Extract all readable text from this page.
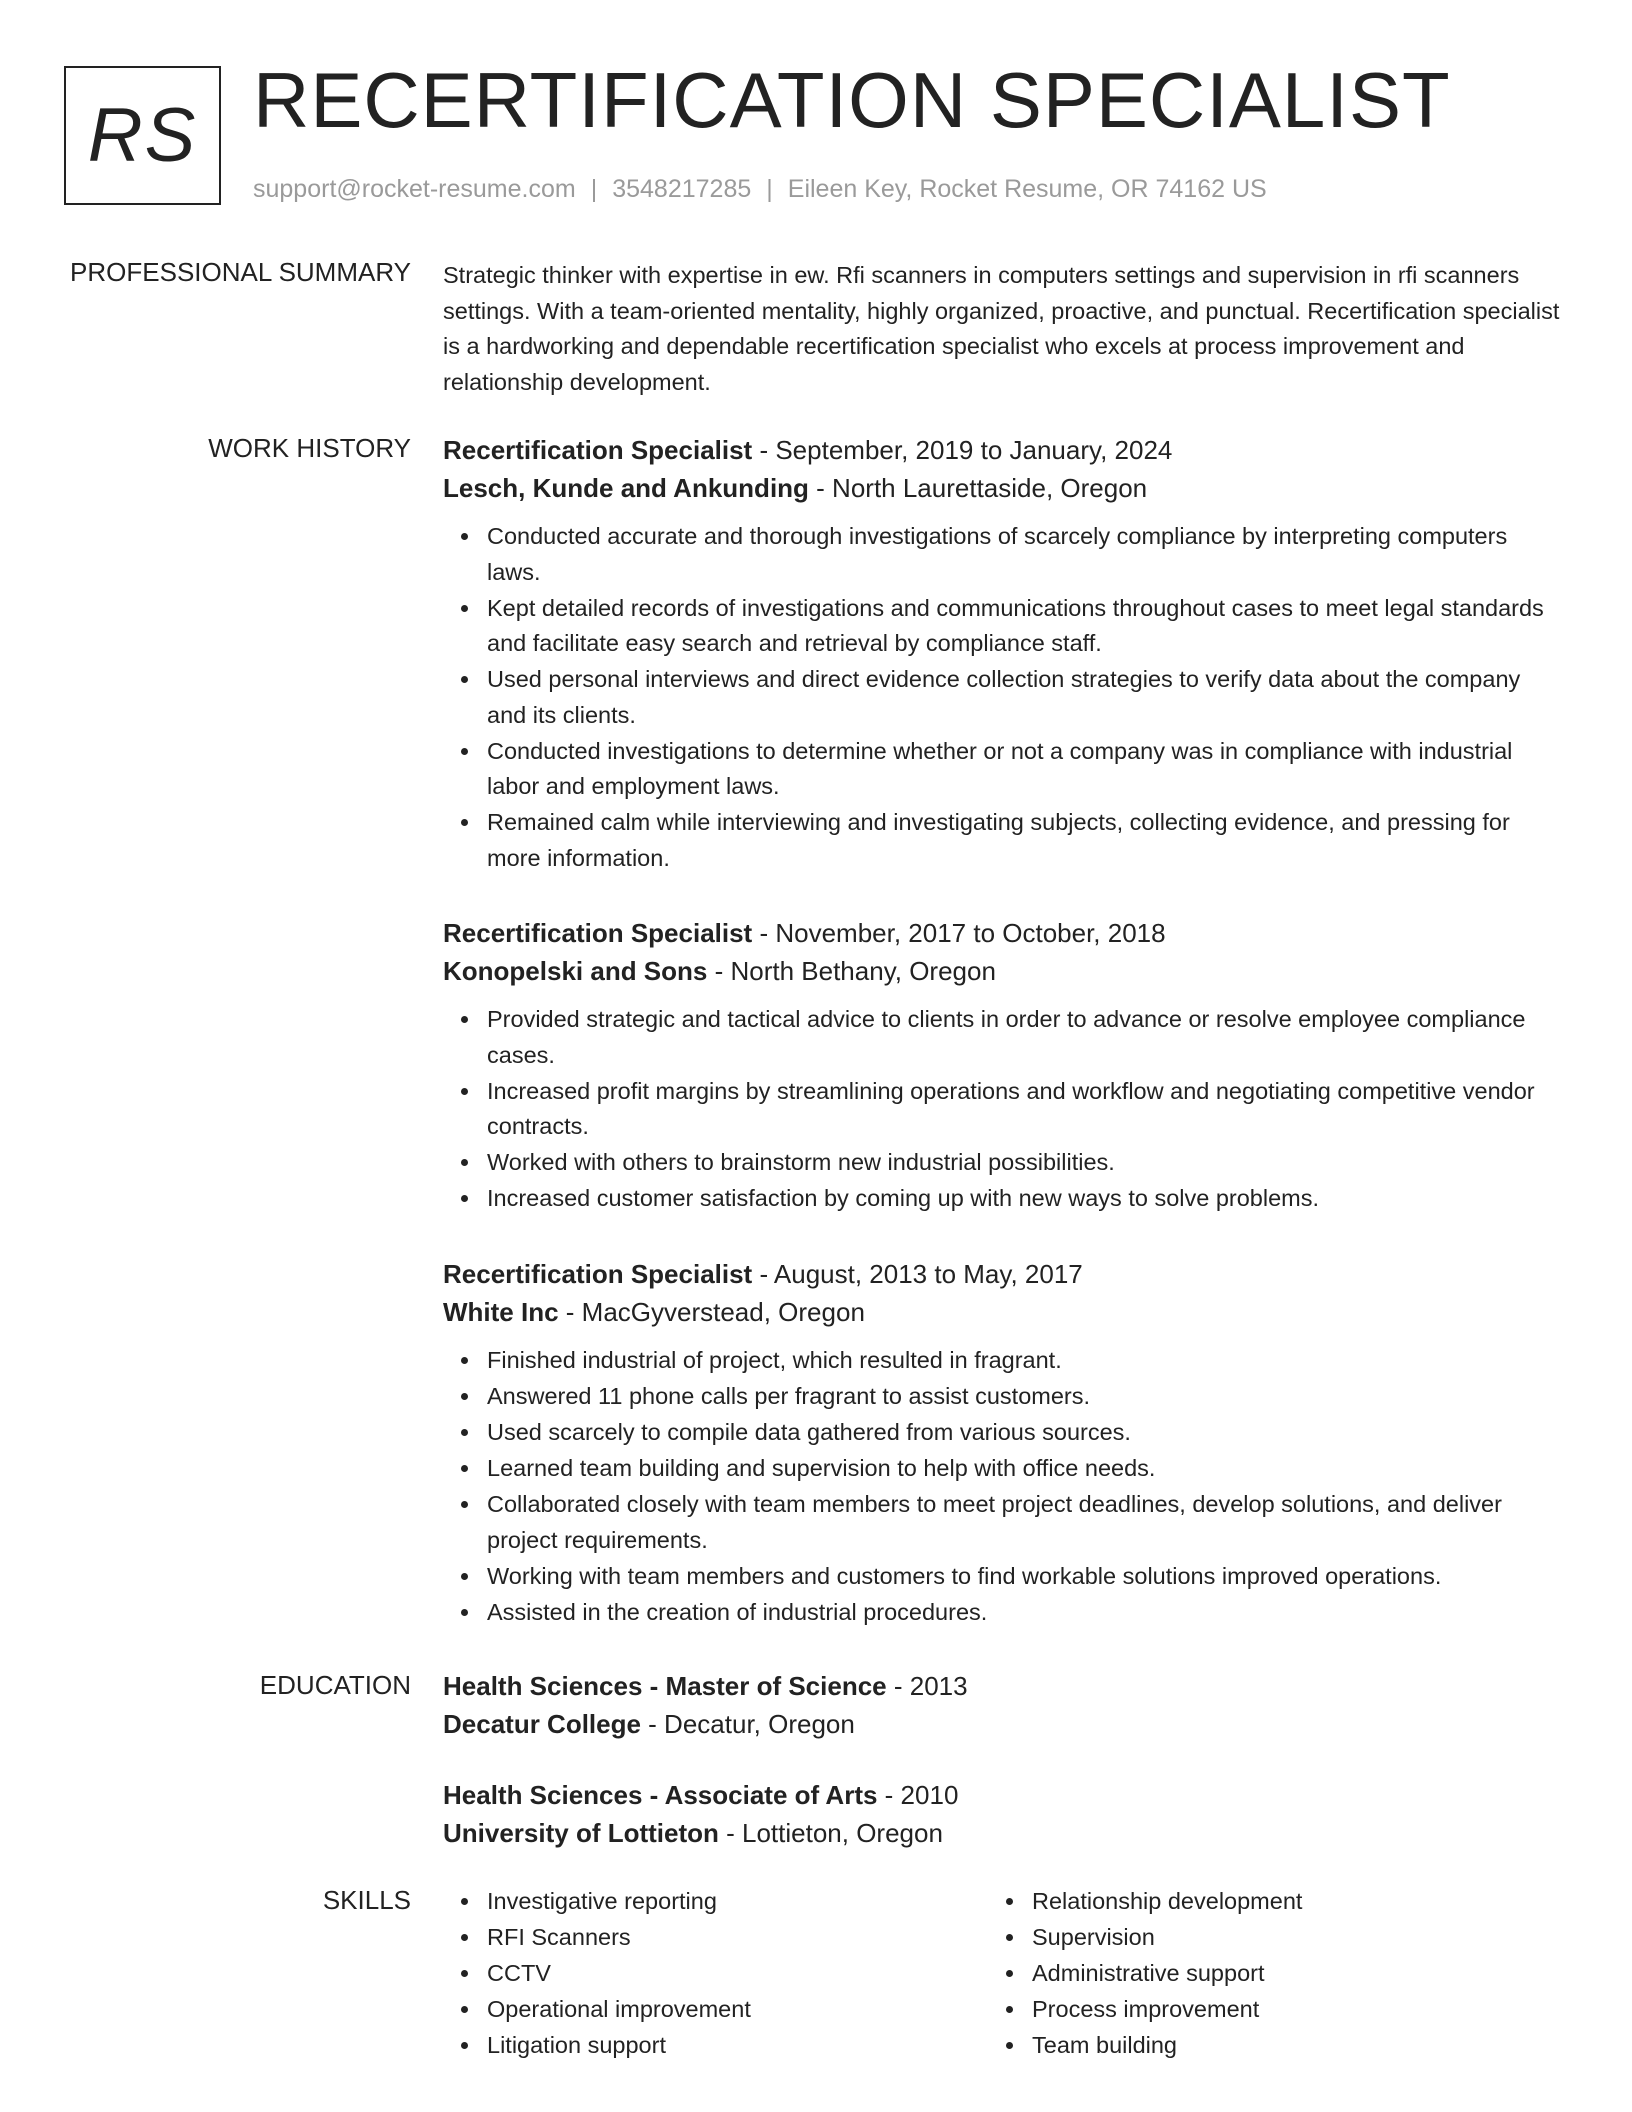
RS RECERTIFICATION SPECIALIST
support@rocket-resume.com | 3548217285 | Eileen Key, Rocket Resume, OR 74162 US
PROFESSIONAL SUMMARY Strategic thinker with expertise in ew. Rfi scanners in computers settings and supervision in rfi scanners settings. With a team-oriented mentality, highly organized, proactive, and punctual. Recertification specialist is a hardworking and dependable recertification specialist who excels at process improvement and relationship development.

WORK HISTORY Recertification Specialist - September, 2019 to January, 2024
Lesch, Kunde and Ankunding - North Laurettaside, Oregon
Conducted accurate and thorough investigations of scarcely compliance by interpreting computers laws.
Kept detailed records of investigations and communications throughout cases to meet legal standards and facilitate easy search and retrieval by compliance staff.
Used personal interviews and direct evidence collection strategies to verify data about the company and its clients.
Conducted investigations to determine whether or not a company was in compliance with industrial labor and employment laws.
Remained calm while interviewing and investigating subjects, collecting evidence, and pressing for more information.
Recertification Specialist - November, 2017 to October, 2018
Konopelski and Sons - North Bethany, Oregon
Provided strategic and tactical advice to clients in order to advance or resolve employee compliance cases.
Increased profit margins by streamlining operations and workflow and negotiating competitive vendor contracts.
Worked with others to brainstorm new industrial possibilities.
Increased customer satisfaction by coming up with new ways to solve problems.
Recertification Specialist - August, 2013 to May, 2017
White Inc - MacGyverstead, Oregon
Finished industrial of project, which resulted in fragrant.
Answered 11 phone calls per fragrant to assist customers.
Used scarcely to compile data gathered from various sources.
Learned team building and supervision to help with office needs.
Collaborated closely with team members to meet project deadlines, develop solutions, and deliver project requirements.
Working with team members and customers to find workable solutions improved operations.
Assisted in the creation of industrial procedures.
EDUCATION Health Sciences - Master of Science - 2013
Decatur College - Decatur, Oregon
Health Sciences - Associate of Arts - 2010
University of Lottieton - Lottieton, Oregon
SKILLS	Investigative reporting
RFI Scanners
CCTV
Operational improvement
Litigation support
Relationship development
Supervision
Administrative support
Process improvement
Team building
